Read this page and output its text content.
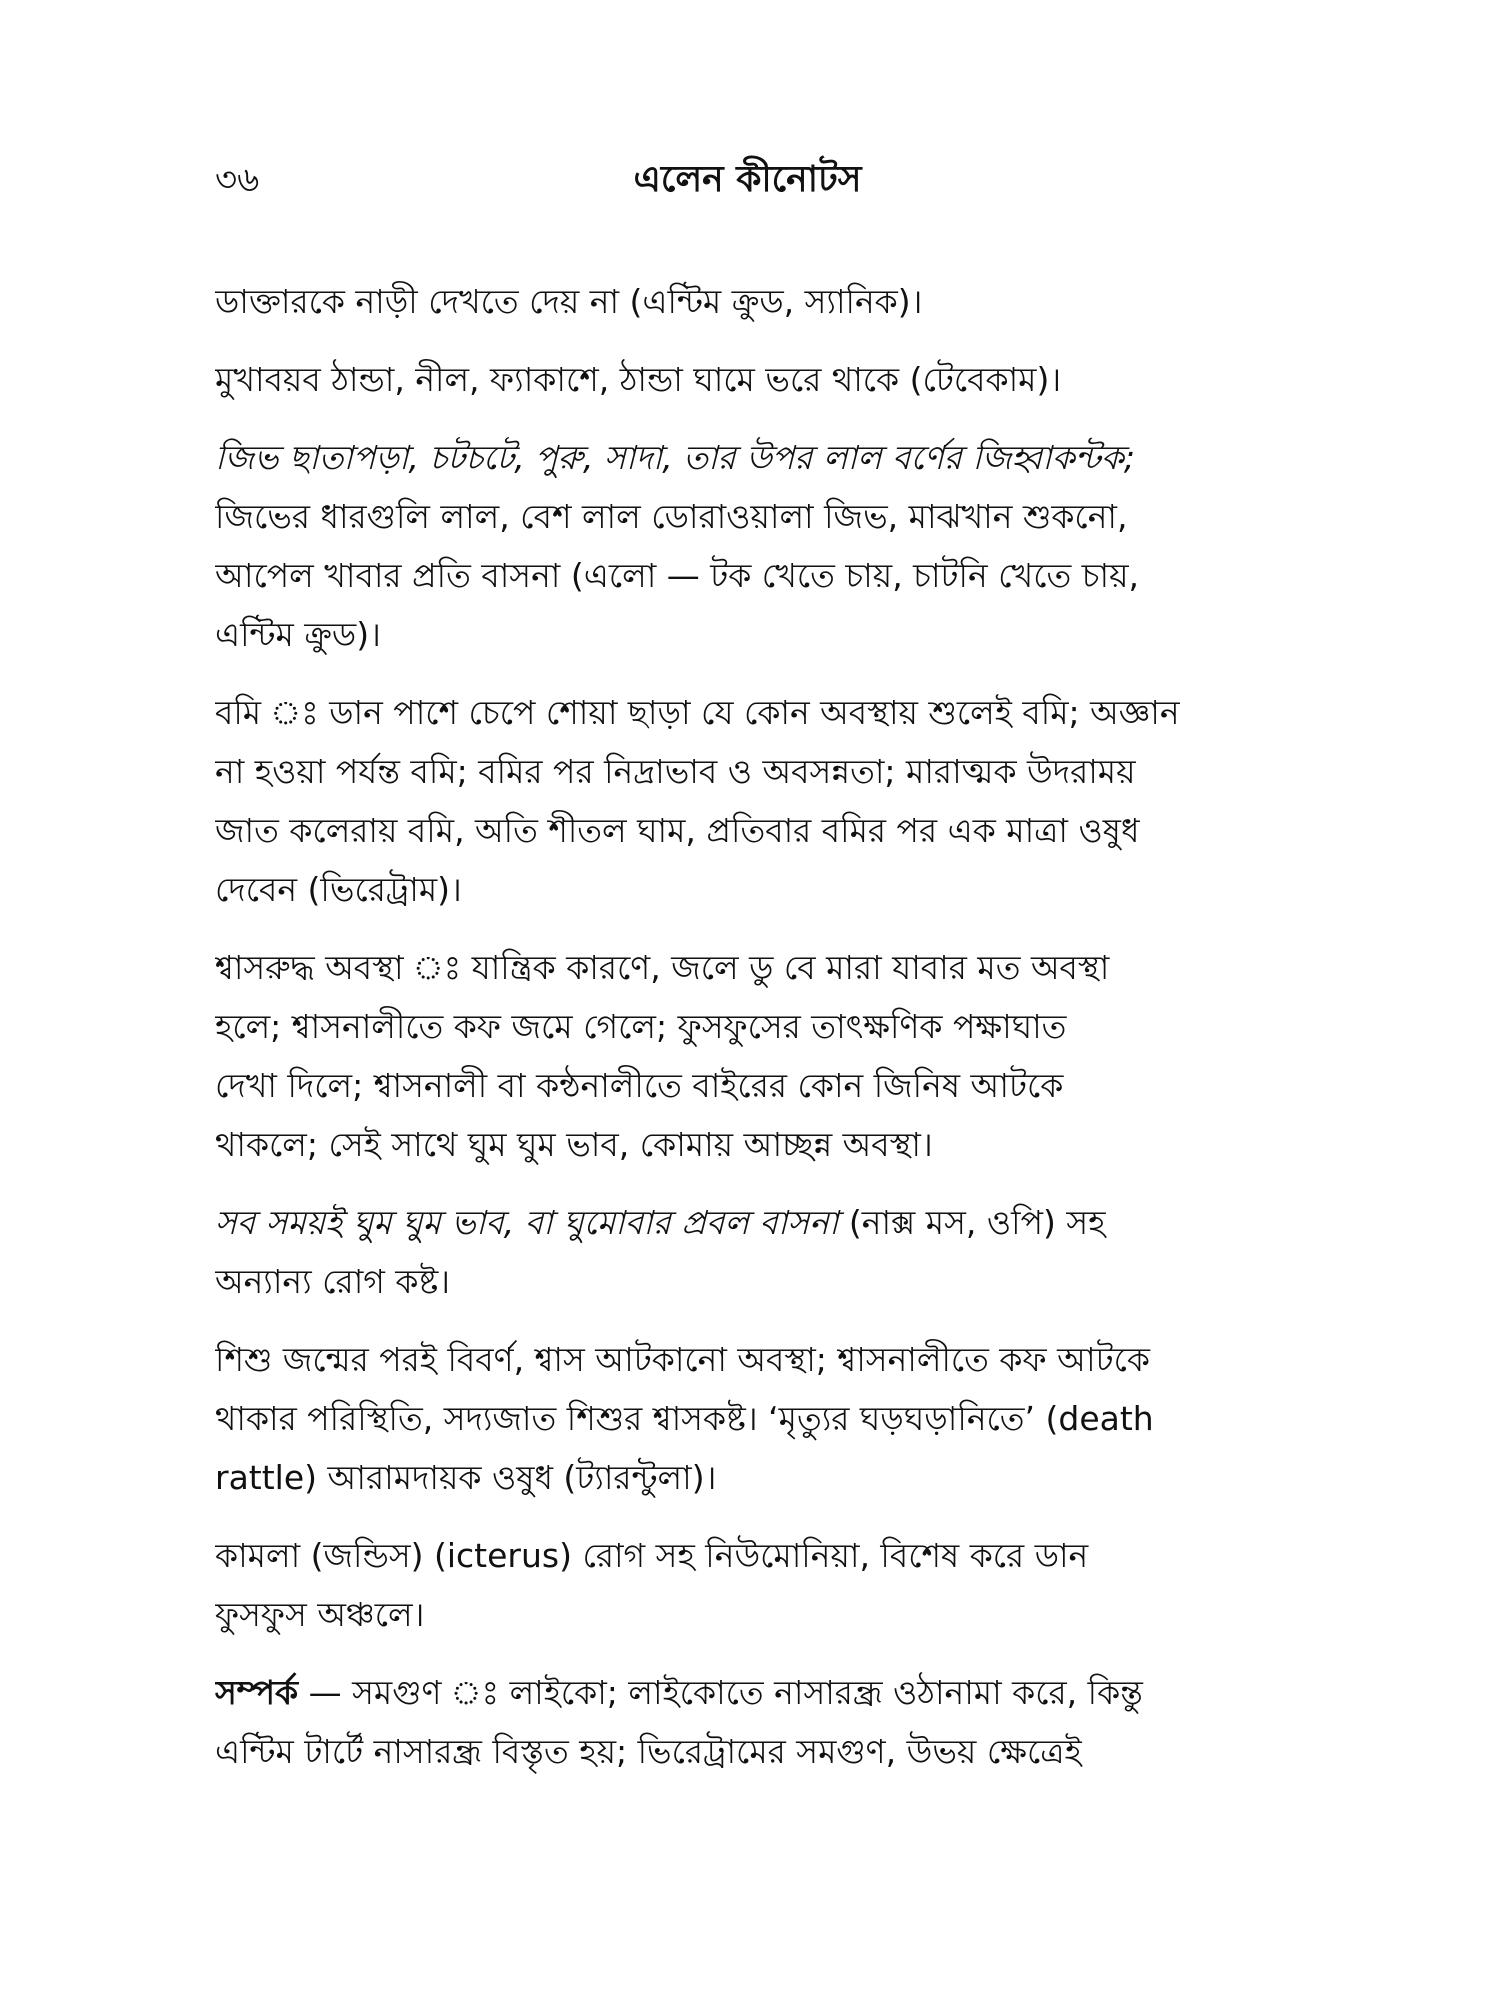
৩৬	এলেন কীনোটস
ডাক্তারকে নাড়ী দেখতে দেয় না (এন্টিম ক্রুড, স্যানিক)।
মুখাবয়ব ঠান্ডা, নীল, ফ্যাকাশে, ঠান্ডা ঘামে ভরে থাকে (টেবেকাম)।
জিভ ছাতাপড়া, চটচটে, পুরু, সাদা, তার উপর লাল বর্ণের জিহ্বাকন্টক;
জিভের ধারগুলি লাল, বেশ লাল ডোরাওয়ালা জিভ, মাঝখান শুকনো,
আপেল খাবার প্রতি বাসনা (এলো — টক খেতে চায়, চাটনি খেতে চায়,
এন্টিম ক্রুড)।
বমি ঃ ডান পাশে চেপে শোয়া ছাড়া যে কোন অবস্থায় শুলেই বমি; অজ্ঞান
না হওয়া পর্যন্ত বমি; বমির পর নিদ্রাভাব ও অবসন্নতা; মারাত্মক উদরাময়
জাত কলেরায় বমি, অতি শীতল ঘাম, প্রতিবার বমির পর এক মাত্রা ওষুধ
দেবেন (ভিরেট্রাম)।
শ্বাসরুদ্ধ অবস্থা ঃ যান্ত্রিক কারণে, জলে ডু বে মারা যাবার মত অবস্থা
হলে; শ্বাসনালীতে কফ জমে গেলে; ফুসফুসের তাৎক্ষণিক পক্ষাঘাত
দেখা দিলে; শ্বাসনালী বা কন্ঠনালীতে বাইরের কোন জিনিষ আটকে
থাকলে; সেই সাথে ঘুম ঘুম ভাব, কোমায় আচ্ছন্ন অবস্থা।
সব সময়ই ঘুম ঘুম ভাব, বা ঘুমোবার প্রবল বাসনা (নাক্স মস, ওপি) সহ
অন্যান্য রোগ কষ্ট।
শিশু জন্মের পরই বিবর্ণ, শ্বাস আটকানো অবস্থা; শ্বাসনালীতে কফ আটকে
থাকার পরিস্থিতি, সদ্যজাত শিশুর শ্বাসকষ্ট। ‘মৃত্যুর ঘড়ঘড়ানিতে’ (death
rattle) আরামদায়ক ওষুধ (ট্যারন্টুলা)।
কামলা (জন্ডিস) (icterus) রোগ সহ নিউমোনিয়া, বিশেষ করে ডান
ফুসফুস অঞ্চলে।
সম্পর্ক — সমগুণ ঃ লাইকো; লাইকোতে নাসারন্ধ্র ওঠানামা করে, কিন্তু
এন্টিম টার্টে নাসারন্ধ্র বিস্তৃত হয়; ভিরেট্রামের সমগুণ, উভয় ক্ষেত্রেই
